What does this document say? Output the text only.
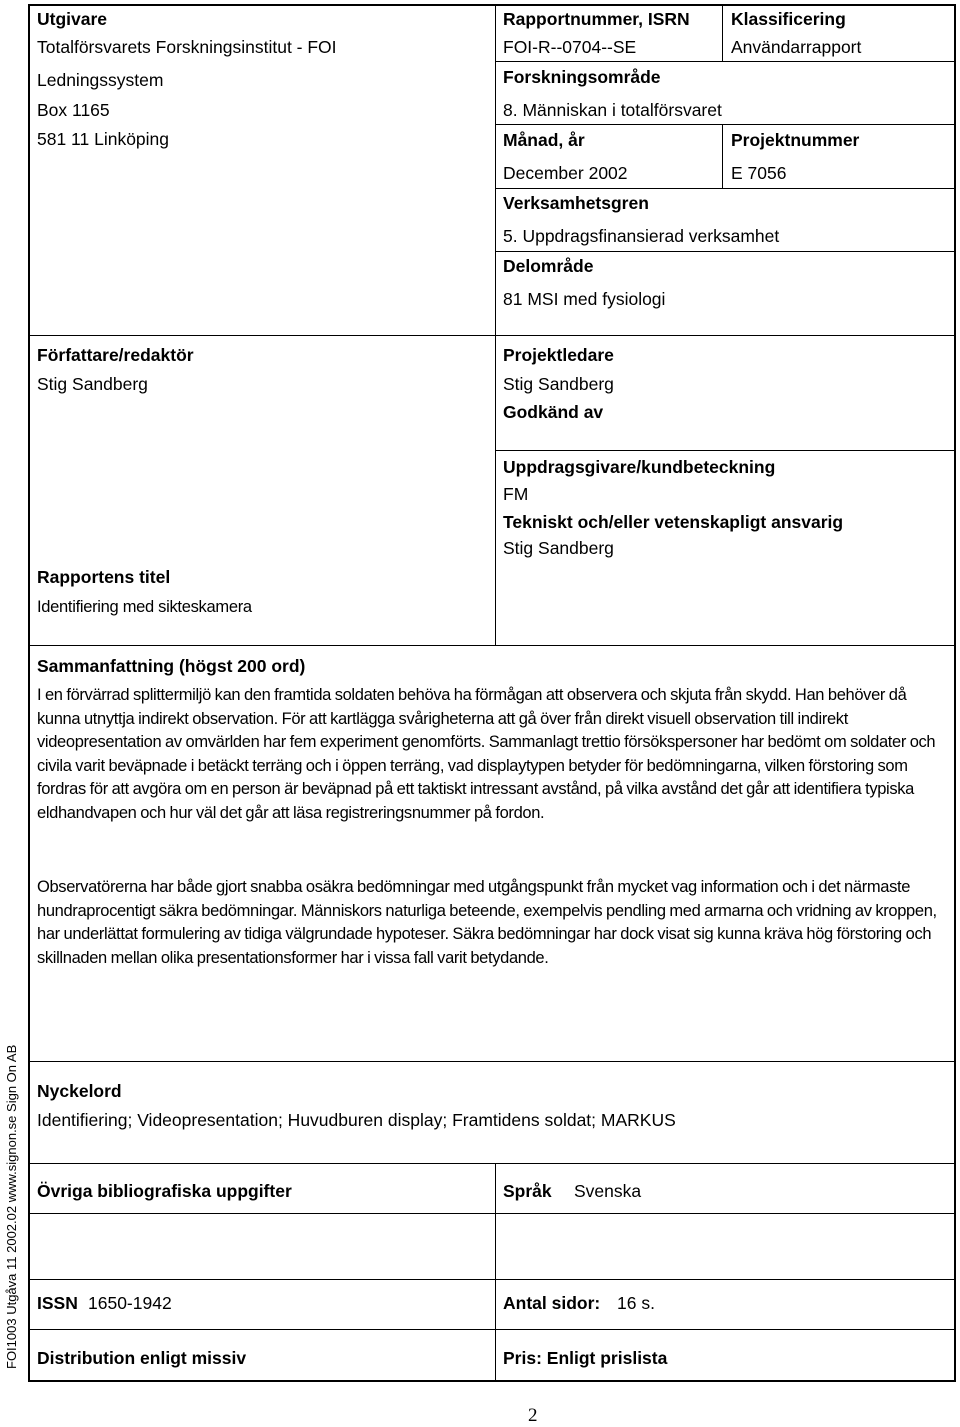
Utgivare
Totalförsvarets Forskningsinstitut - FOI
Ledningssystem
Box 1165
581 11 Linköping
Rapportnummer, ISRN
FOI-R--0704--SE
Klassificering
Användarrapport
Forskningsområde
8. Människan i totalförsvaret
Månad, år
December 2002
Projektnummer
E 7056
Verksamhetsgren
5. Uppdragsfinansierad verksamhet
Delområde
81 MSI med fysiologi
Författare/redaktör
Stig Sandberg
Projektledare
Stig Sandberg
Godkänd av
Uppdragsgivare/kundbeteckning
FM
Tekniskt och/eller vetenskapligt ansvarig
Stig Sandberg
Rapportens titel
Identifiering med sikteskamera
Sammanfattning (högst 200 ord)

I en förvärrad splittermiljö kan den framtida soldaten behöva ha förmågan att observera och skjuta från skydd. Han behöver då kunna utnyttja indirekt observation. För att kartlägga svårigheterna att gå över från direkt visuell observation till indirekt videopresentation av omvärlden har fem experiment genomförts. Sammanlagt trettio försökspersoner har bedömt om soldater och civila varit beväpnade i betäckt terräng och i öppen terräng, vad displaytypen betyder för bedömningarna, vilken förstoring som fordras för att avgöra om en person är beväpnad på ett taktiskt intressant avstånd, på vilka avstånd det går att identifiera typiska eldhandvapen och hur väl det går att läsa registreringsnummer på fordon.

Observatörerna har både gjort snabba osäkra bedömningar med utgångspunkt från mycket vag information och i det närmaste hundraprocentigt säkra bedömningar. Människors naturliga beteende, exempelvis pendling med armarna och vridning av kroppen, har underlättat formulering av tidiga välgrundade hypoteser. Säkra bedömningar har dock visat sig kunna kräva hög förstoring och skillnaden mellan olika presentationsformer har i vissa fall varit betydande.

Nyckelord
Identifiering; Videopresentation; Huvudburen display; Framtidens soldat; MARKUS
Övriga bibliografiska uppgifter	Språk Svenska
ISSN 1650-1942	Antal sidor: 16 s.
Distribution enligt missiv	Pris: Enligt prislista
FOI1003 Utgåva 11 2002.02 www.signon.se Sign On AB
2
